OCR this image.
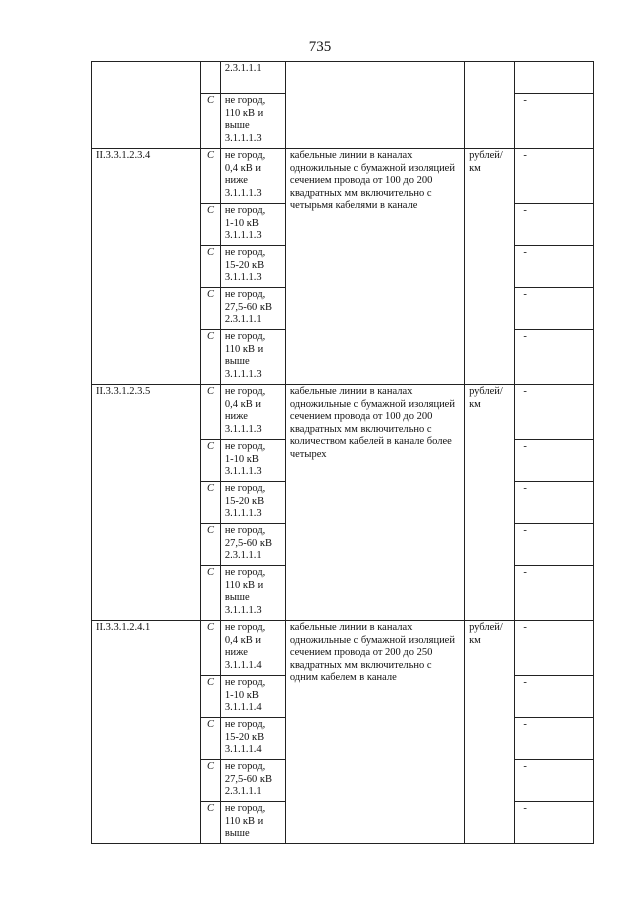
735

		2.3.1.1.1			

	С	не город,
110 кВ и
выше
3.1.1.1.3			-
II.3.3.1.2.3.4	С	не город,
0,4 кВ и
ниже
3.1.1.1.3	кабельные линии в каналах одножильные с бумажной изоляцией сечением провода от 100 до 200 квадратных мм включительно с четырьмя кабелями в канале	рублей/ км	-
	С	не город,
1-10 кВ
3.1.1.1.3			-
	С	не город,
15-20 кВ
3.1.1.1.3			-
	С	не город,
27,5-60 кВ
2.3.1.1.1			-
	С	не город,
110 кВ и
выше
3.1.1.1.3			-
II.3.3.1.2.3.5	С	не город,
0,4 кВ и
ниже
3.1.1.1.3	кабельные линии в каналах одножильные с бумажной изоляцией сечением провода от 100 до 200 квадратных мм включительно с количеством кабелей в канале более четырех	рублей/ км	-
	С	не город,
1-10 кВ
3.1.1.1.3			-
	С	не город,
15-20 кВ
3.1.1.1.3			-
	С	не город,
27,5-60 кВ
2.3.1.1.1			-
	С	не город,
110 кВ и
выше
3.1.1.1.3			-
II.3.3.1.2.4.1	С	не город,
0,4 кВ и
ниже
3.1.1.1.4	кабельные линии в каналах одножильные с бумажной изоляцией сечением провода от 200 до 250 квадратных мм включительно с одним кабелем в канале	рублей/ км	-
	С	не город,
1-10 кВ
3.1.1.1.4			-
	С	не город,
15-20 кВ
3.1.1.1.4			-
	С	не город,
27,5-60 кВ
2.3.1.1.1			-
	С	не город,
110 кВ и
выше			-
